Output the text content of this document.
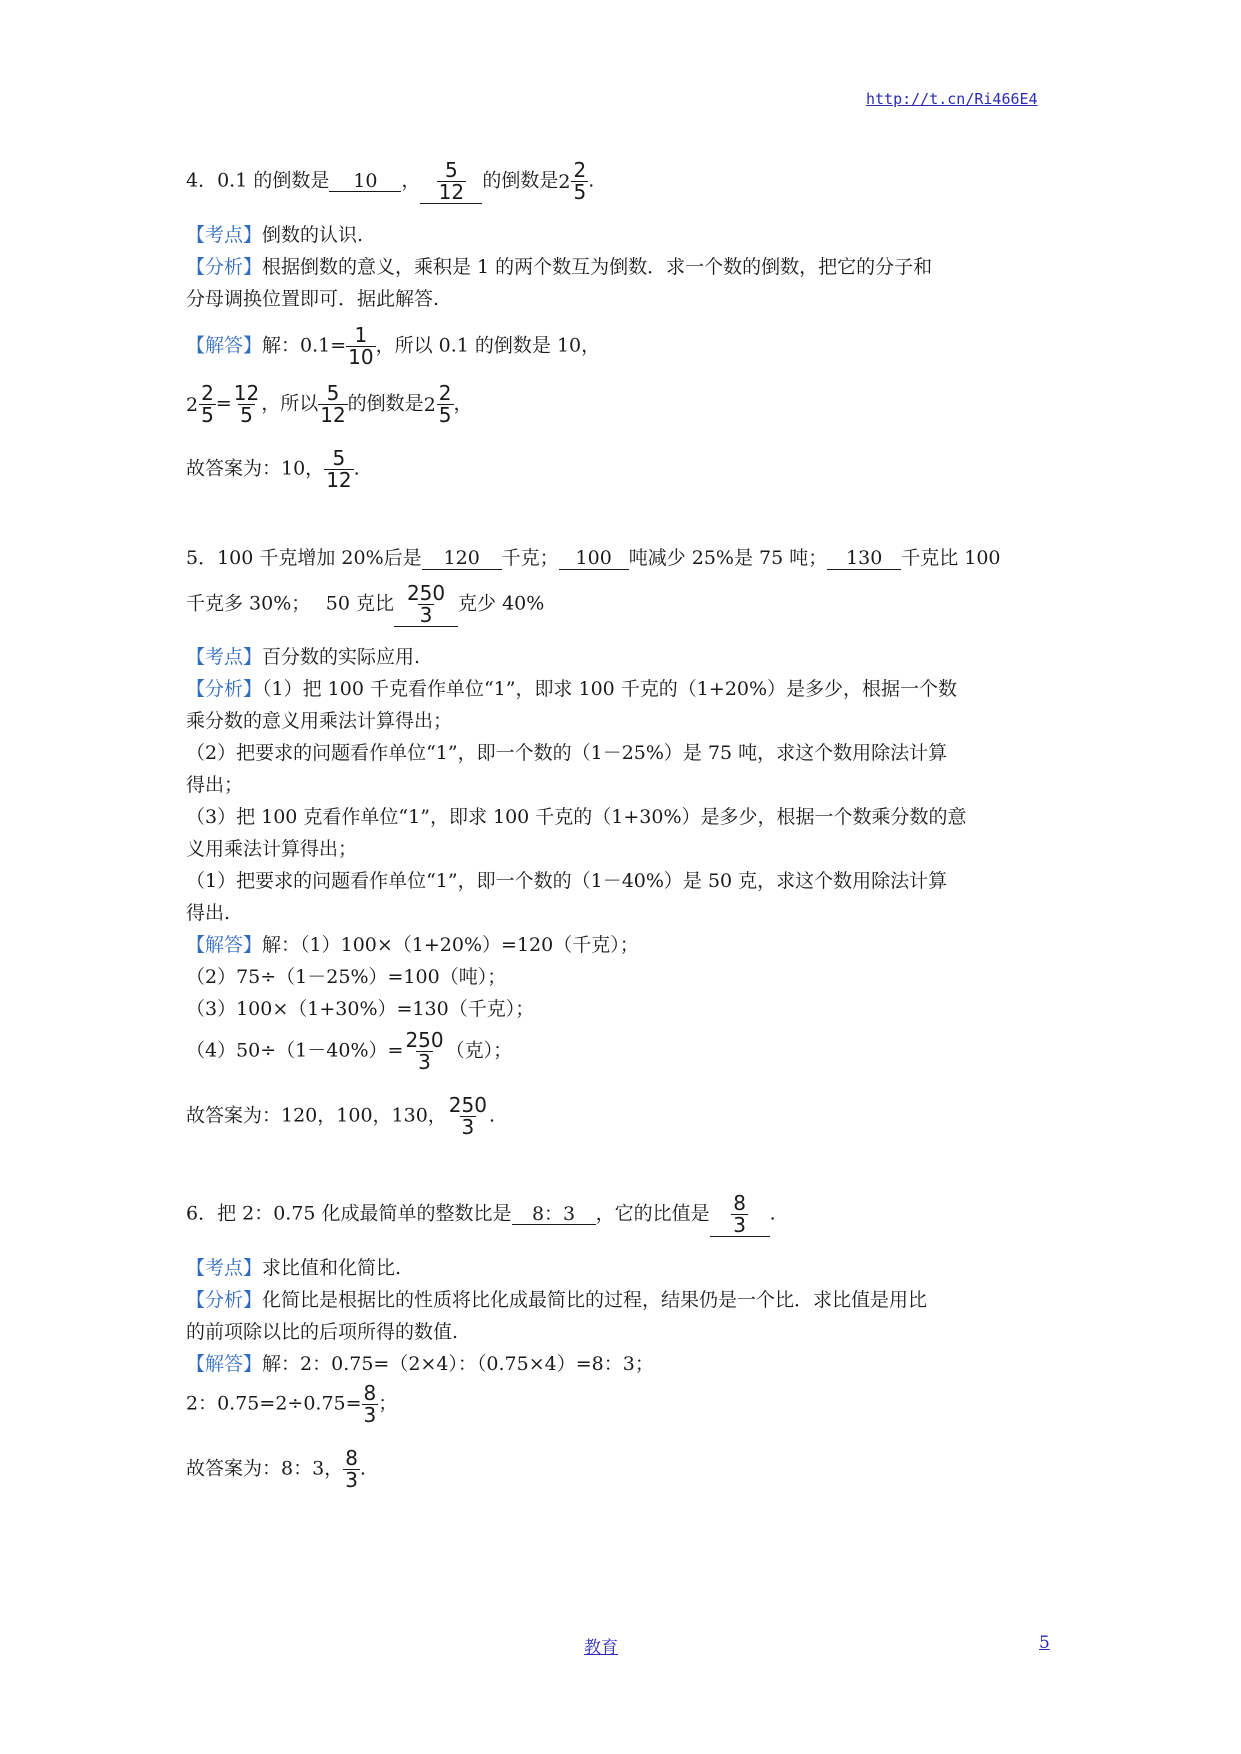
http://t.cn/Ri466E4
4．0.1 的倒数是 10 ， $\frac{5}{12}$ 的倒数是 $2 \frac{2}{5}$ .
【考点】倒数的认识.
【分析】根据倒数的意义，乘积是 1 的两个数互为倒数．求一个数的倒数，把它的分子和
分母调换位置即可．据此解答.
【解答】解：$0.1= \frac{1}{10}$ ，所以 0.1 的倒数是 10，
$2 \frac{2}{5} = \frac{12}{5}$ ，所以 $\frac{5}{12}$ 的倒数是 $2 \frac{2}{5}$ ，
故答案为：10， $\frac{5}{12}$ .
5．100 千克增加 20%后是 120 千克； 100 吨减少 25%是 75 吨； 130 千克比 100
千克多 30%；　 50 克比 $\frac{250}{3}$ 克少 40%
【考点】百分数的实际应用.
【分析】（1）把 100 千克看作单位“1”，即求 100 千克的（1+20%）是多少，根据一个数
乘分数的意义用乘法计算得出；
（2）把要求的问题看作单位“1”，即一个数的（1－25%）是 75 吨，求这个数用除法计算
得出；
（3）把 100 克看作单位“1”，即求 100 千克的（1+30%）是多少，根据一个数乘分数的意
义用乘法计算得出；
（1）把要求的问题看作单位“1”，即一个数的（1－40%）是 50 克，求这个数用除法计算
得出.
【解答】解：（1）100×（1+20%）=120（千克）；
（2）75÷（1－25%）=100（吨）；
（3）100×（1+30%）=130（千克）；
$(4)50\div(1-40\%)= \frac{250}{3}$ （克）；
故答案为：120，100，130， $\frac{250}{3}$ .
6．把 2：0.75 化成最简单的整数比是 8：3 ，它的比值是 $\frac{8}{3}$ .
【考点】求比值和化简比.
【分析】化简比是根据比的性质将比化成最简比的过程，结果仍是一个比．求比值是用比
的前项除以比的后项所得的数值.
【解答】解：2：0.75=（2×4）：（0.75×4）=8：3；
2：$0.75=2\div 0.75= \frac{8}{3}$ ；
故答案为：8：3， $\frac{8}{3}$ .
教育	5
